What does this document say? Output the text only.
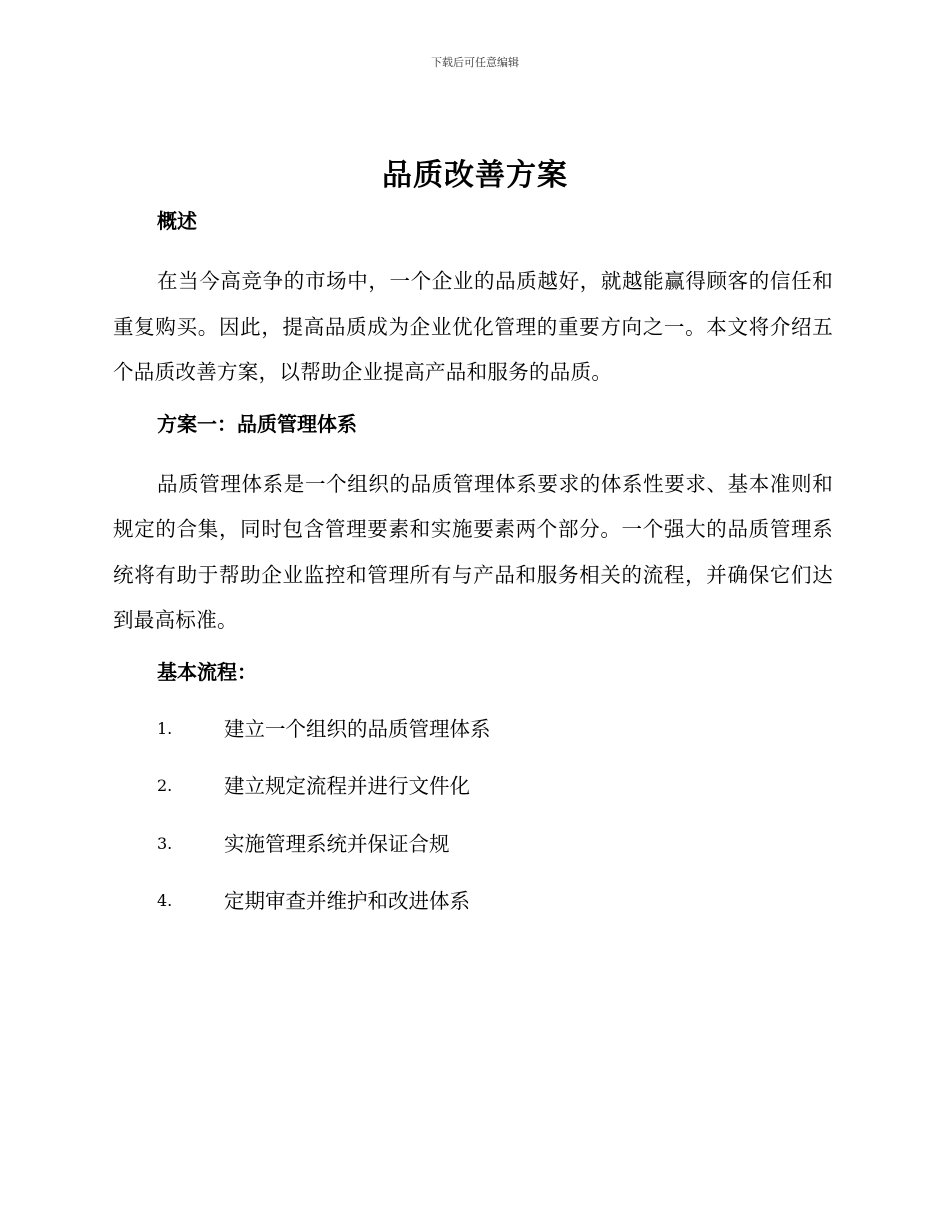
下载后可任意编辑
品质改善方案
概述

在当今高竞争的市场中，一个企业的品质越好，就越能赢得顾客的信任和重复购买。因此，提高品质成为企业优化管理的重要方向之一。本文将介绍五个品质改善方案，以帮助企业提高产品和服务的品质。

方案一：品质管理体系

品质管理体系是一个组织的品质管理体系要求的体系性要求、基本准则和规定的合集，同时包含管理要素和实施要素两个部分。一个强大的品质管理系统将有助于帮助企业监控和管理所有与产品和服务相关的流程，并确保它们达到最高标准。

基本流程：
1.	建立一个组织的品质管理体系
2.	建立规定流程并进行文件化
3.	实施管理系统并保证合规
4.	定期审查并维护和改进体系
